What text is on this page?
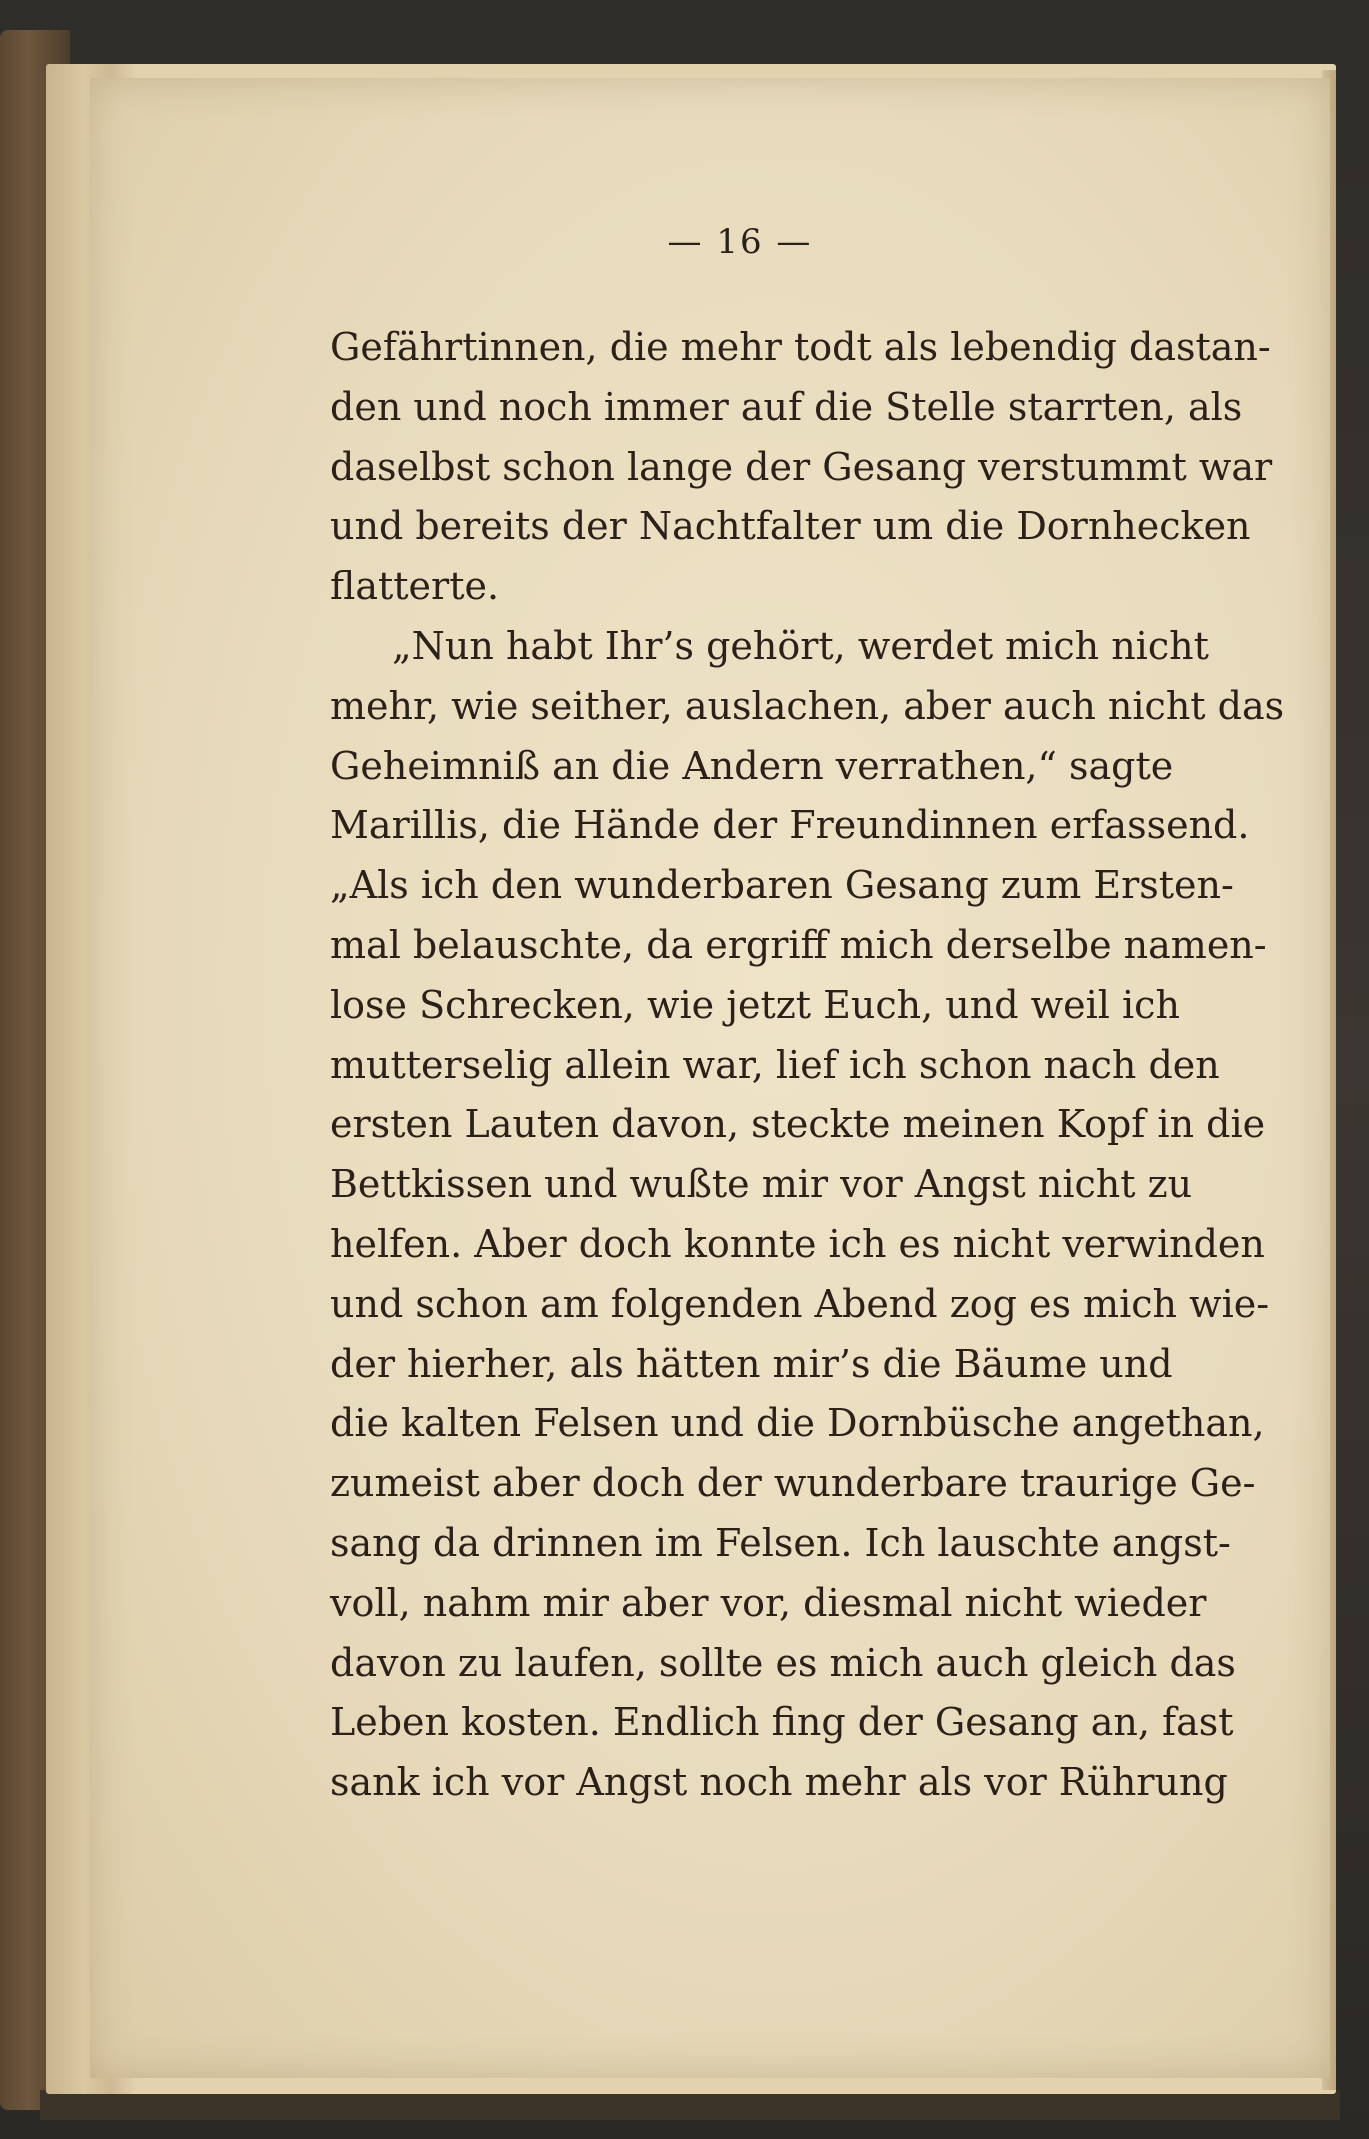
— 16 —
Gefährtinnen, die mehr todt als lebendig dastan-
den und noch immer auf die Stelle starrten, als
daselbst schon lange der Gesang verstummt war
und bereits der Nachtfalter um die Dornhecken
flatterte.
„Nun habt Ihr’s gehört, werdet mich nicht
mehr, wie seither, auslachen, aber auch nicht das
Geheimniß an die Andern verrathen,“ sagte
Marillis, die Hände der Freundinnen erfassend.
„Als ich den wunderbaren Gesang zum Ersten-
mal belauschte, da ergriff mich derselbe namen-
lose Schrecken, wie jetzt Euch, und weil ich
mutterselig allein war, lief ich schon nach den
ersten Lauten davon, steckte meinen Kopf in die
Bettkissen und wußte mir vor Angst nicht zu
helfen. Aber doch konnte ich es nicht verwinden
und schon am folgenden Abend zog es mich wie-
der hierher, als hätten mir’s die Bäume und
die kalten Felsen und die Dornbüsche angethan,
zumeist aber doch der wunderbare traurige Ge-
sang da drinnen im Felsen. Ich lauschte angst-
voll, nahm mir aber vor, diesmal nicht wieder
davon zu laufen, sollte es mich auch gleich das
Leben kosten. Endlich fing der Gesang an, fast
sank ich vor Angst noch mehr als vor Rührung
